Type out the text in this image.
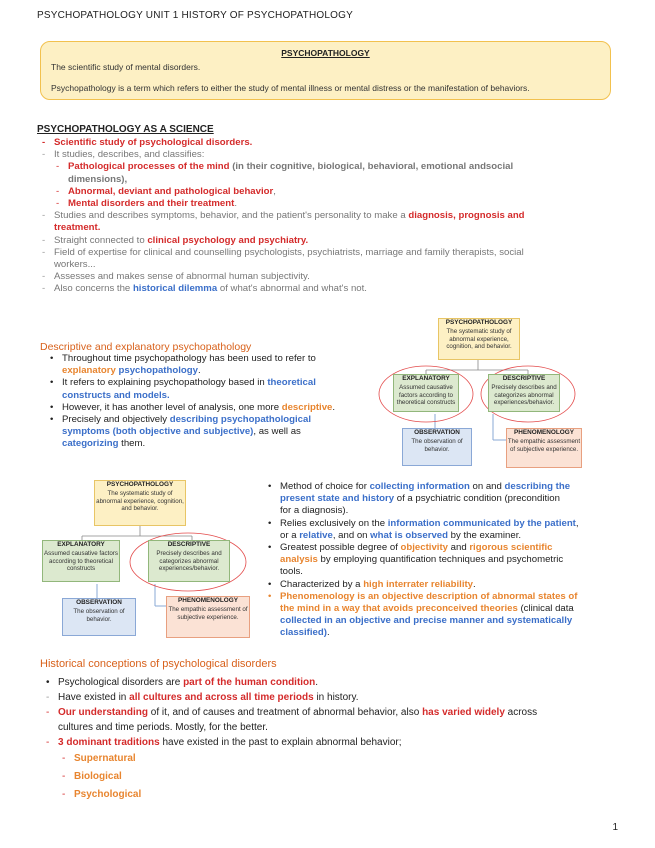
PSYCHOPATHOLOGY UNIT 1 HISTORY OF PSYCHOPATHOLOGY
PSYCHOPATHOLOGY
The scientific study of mental disorders.
Psychopathology is a term which refers to either the study of mental illness or mental distress or the manifestation of behaviors.
PSYCHOPATHOLOGY AS A SCIENCE
- Scientific study of psychological disorders.
- It studies, describes, and classifies:
- Pathological processes of the mind (in their cognitive, biological, behavioral, emotional andsocial
dimensions),
- Abnormal, deviant and pathological behavior,
- Mental disorders and their treatment.
- Studies and describes symptoms, behavior, and the patient's personality to make a diagnosis, prognosis and
treatment.
- Straight connected to clinical psychology and psychiatry.
- Field of expertise for clinical and counselling psychologists, psychiatrists, marriage and family therapists, social
workers...
- Assesses and makes sense of abnormal human subjectivity.
- Also concerns the historical dilemma of what's abnormal and what's not.
Descriptive and explanatory psychopathology
• Throughout time psychopathology has been used to refer to
explanatory psychopathology.
• It refers to explaining psychopathology based in theoretical
constructs and models.
• However, it has another level of analysis, one more descriptive.
• Precisely and objectively describing psychopathological
symptoms (both objective and subjective), as well as
categorizing them.
PSYCHOPATHOLOGY
The systematic study of abnormal experience, cognition, and behavior.
EXPLANATORY
Assumed causative factors according to theoretical constructs
DESCRIPTIVE
Precisely describes and categorizes abnormal experiences/behavior.
OBSERVATION
The observation of behavior.
PHENOMENOLOGY
The empathic assessment of subjective experience.
PSYCHOPATHOLOGY
The systematic study of abnormal experience, cognition, and behavior.
EXPLANATORY
Assumed causative factors according to theoretical constructs
DESCRIPTIVE
Precisely describes and categorizes abnormal experiences/behavior.
OBSERVATION
The observation of behavior.
PHENOMENOLOGY
The empathic assessment of subjective experience.
• Method of choice for collecting information on and describing the
present state and history of a psychiatric condition (precondition
for a diagnosis).
• Relies exclusively on the information communicated by the patient,
or a relative, and on what is observed by the examiner.
• Greatest possible degree of objectivity and rigorous scientific
analysis by employing quantification techniques and psychometric
tools.
• Characterized by a high interrater reliability.
• Phenomenology is an objective description of abnormal states of
the mind in a way that avoids preconceived theories (clinical data
collected in an objective and precise manner and systematically
classified).
Historical conceptions of psychological disorders
• Psychological disorders are part of the human condition.
- Have existed in all cultures and across all time periods in history.
- Our understanding of it, and of causes and treatment of abnormal behavior, also has varied widely across
cultures and time periods. Mostly, for the better.
- 3 dominant traditions have existed in the past to explain abnormal behavior;
- Supernatural
- Biological
- Psychological
1
